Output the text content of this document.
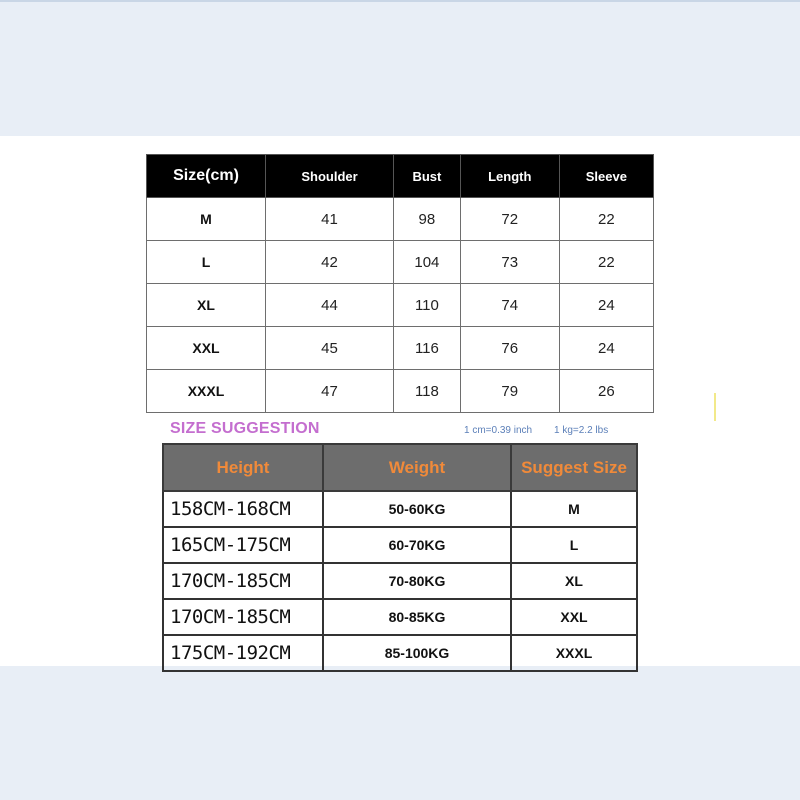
Size(cm)	Shoulder	Bust	Length	Sleeve
M	41	98	72	22
L	42	104	73	22
XL	44	110	74	24
XXL	45	116	76	24
XXXL	47	118	79	26
SIZE SUGGESTION	1 cm=0.39 inch 1 kg=2.2 lbs
Height	Weight	Suggest Size
158CM-168CM	50-60KG	M
165CM-175CM	60-70KG	L
170CM-185CM	70-80KG	XL
170CM-185CM	80-85KG	XXL
175CM-192CM	85-100KG	XXXL
